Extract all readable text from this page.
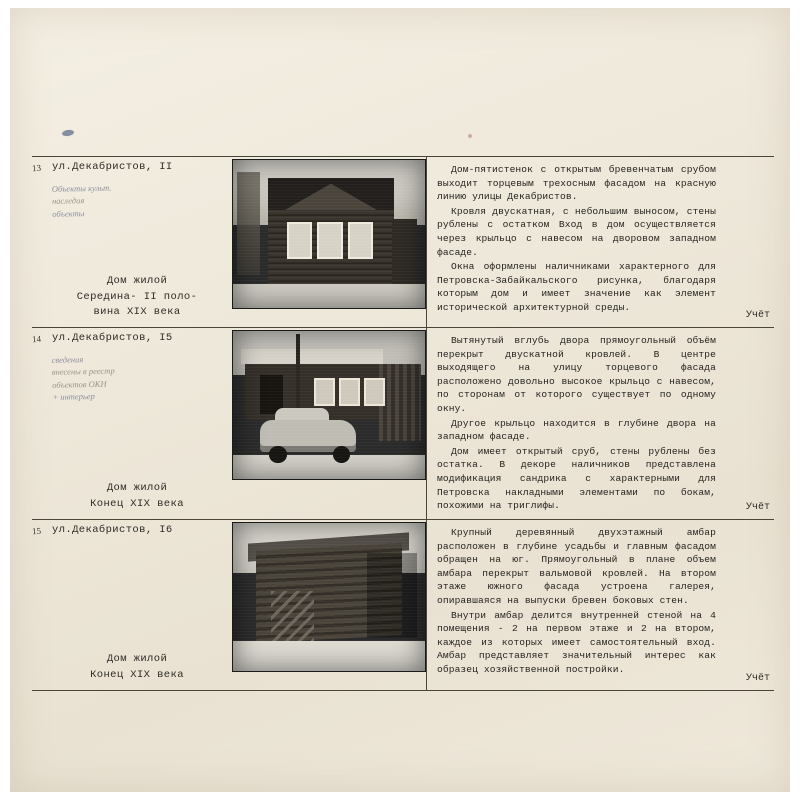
13 ул.Декабристов, II
Объекты культ.
наследия
объекты
Дом жилой
Середина- II поло-
вина XIX века

Дом-пятистенок с открытым бревенчатым срубом выходит торцевым трехосным фасадом на красную линию улицы Декабристов.

Кровля двускатная, с небольшим выносом, стены рублены с остатком Вход в дом осуществляется через крыльцо с навесом на дворовом западном фасаде.

Окна оформлены наличниками характерного для Петровска-Забайкальского рисунка, благодаря которым дом и имеет значение как элемент исторической архитектурной среды.

Учёт
14 ул.Декабристов, I5
сведения
внесены в реестр
объектов ОКН
+ интерьер
Дом жилой
Конец XIX века

Вытянутый вглубь двора прямоугольный объём перекрыт двускатной кровлей. В центре выходящего на улицу торцевого фасада расположено довольно высокое крыльцо с навесом, по сторонам от которого существует по одному окну.

Другое крыльцо находится в глубине двора на западном фасаде.

Дом имеет открытый сруб, стены рублены без остатка. В декоре наличников представлена модификация сандрика с характерными для Петровска накладными элементами по бокам, похожими на триглифы.	Учёт
15 ул.Декабристов, I6
Дом жилой
Конец XIX века

Крупный деревянный двухэтажный амбар расположен в глубине усадьбы и главным фасадом обращен на юг. Прямоугольный в плане объем амбара перекрыт вальмовой кровлей. На втором этаже южного фасада устроена галерея, опиравшаяся на выпуски бревен боковых стен.

Внутри амбар делится внутренней стеной на 4 помещения - 2 на первом этаже и 2 на втором, каждое из которых имеет самостоятельный вход. Амбар представляет значительный интерес как образец хозяйственной постройки.

Учёт
